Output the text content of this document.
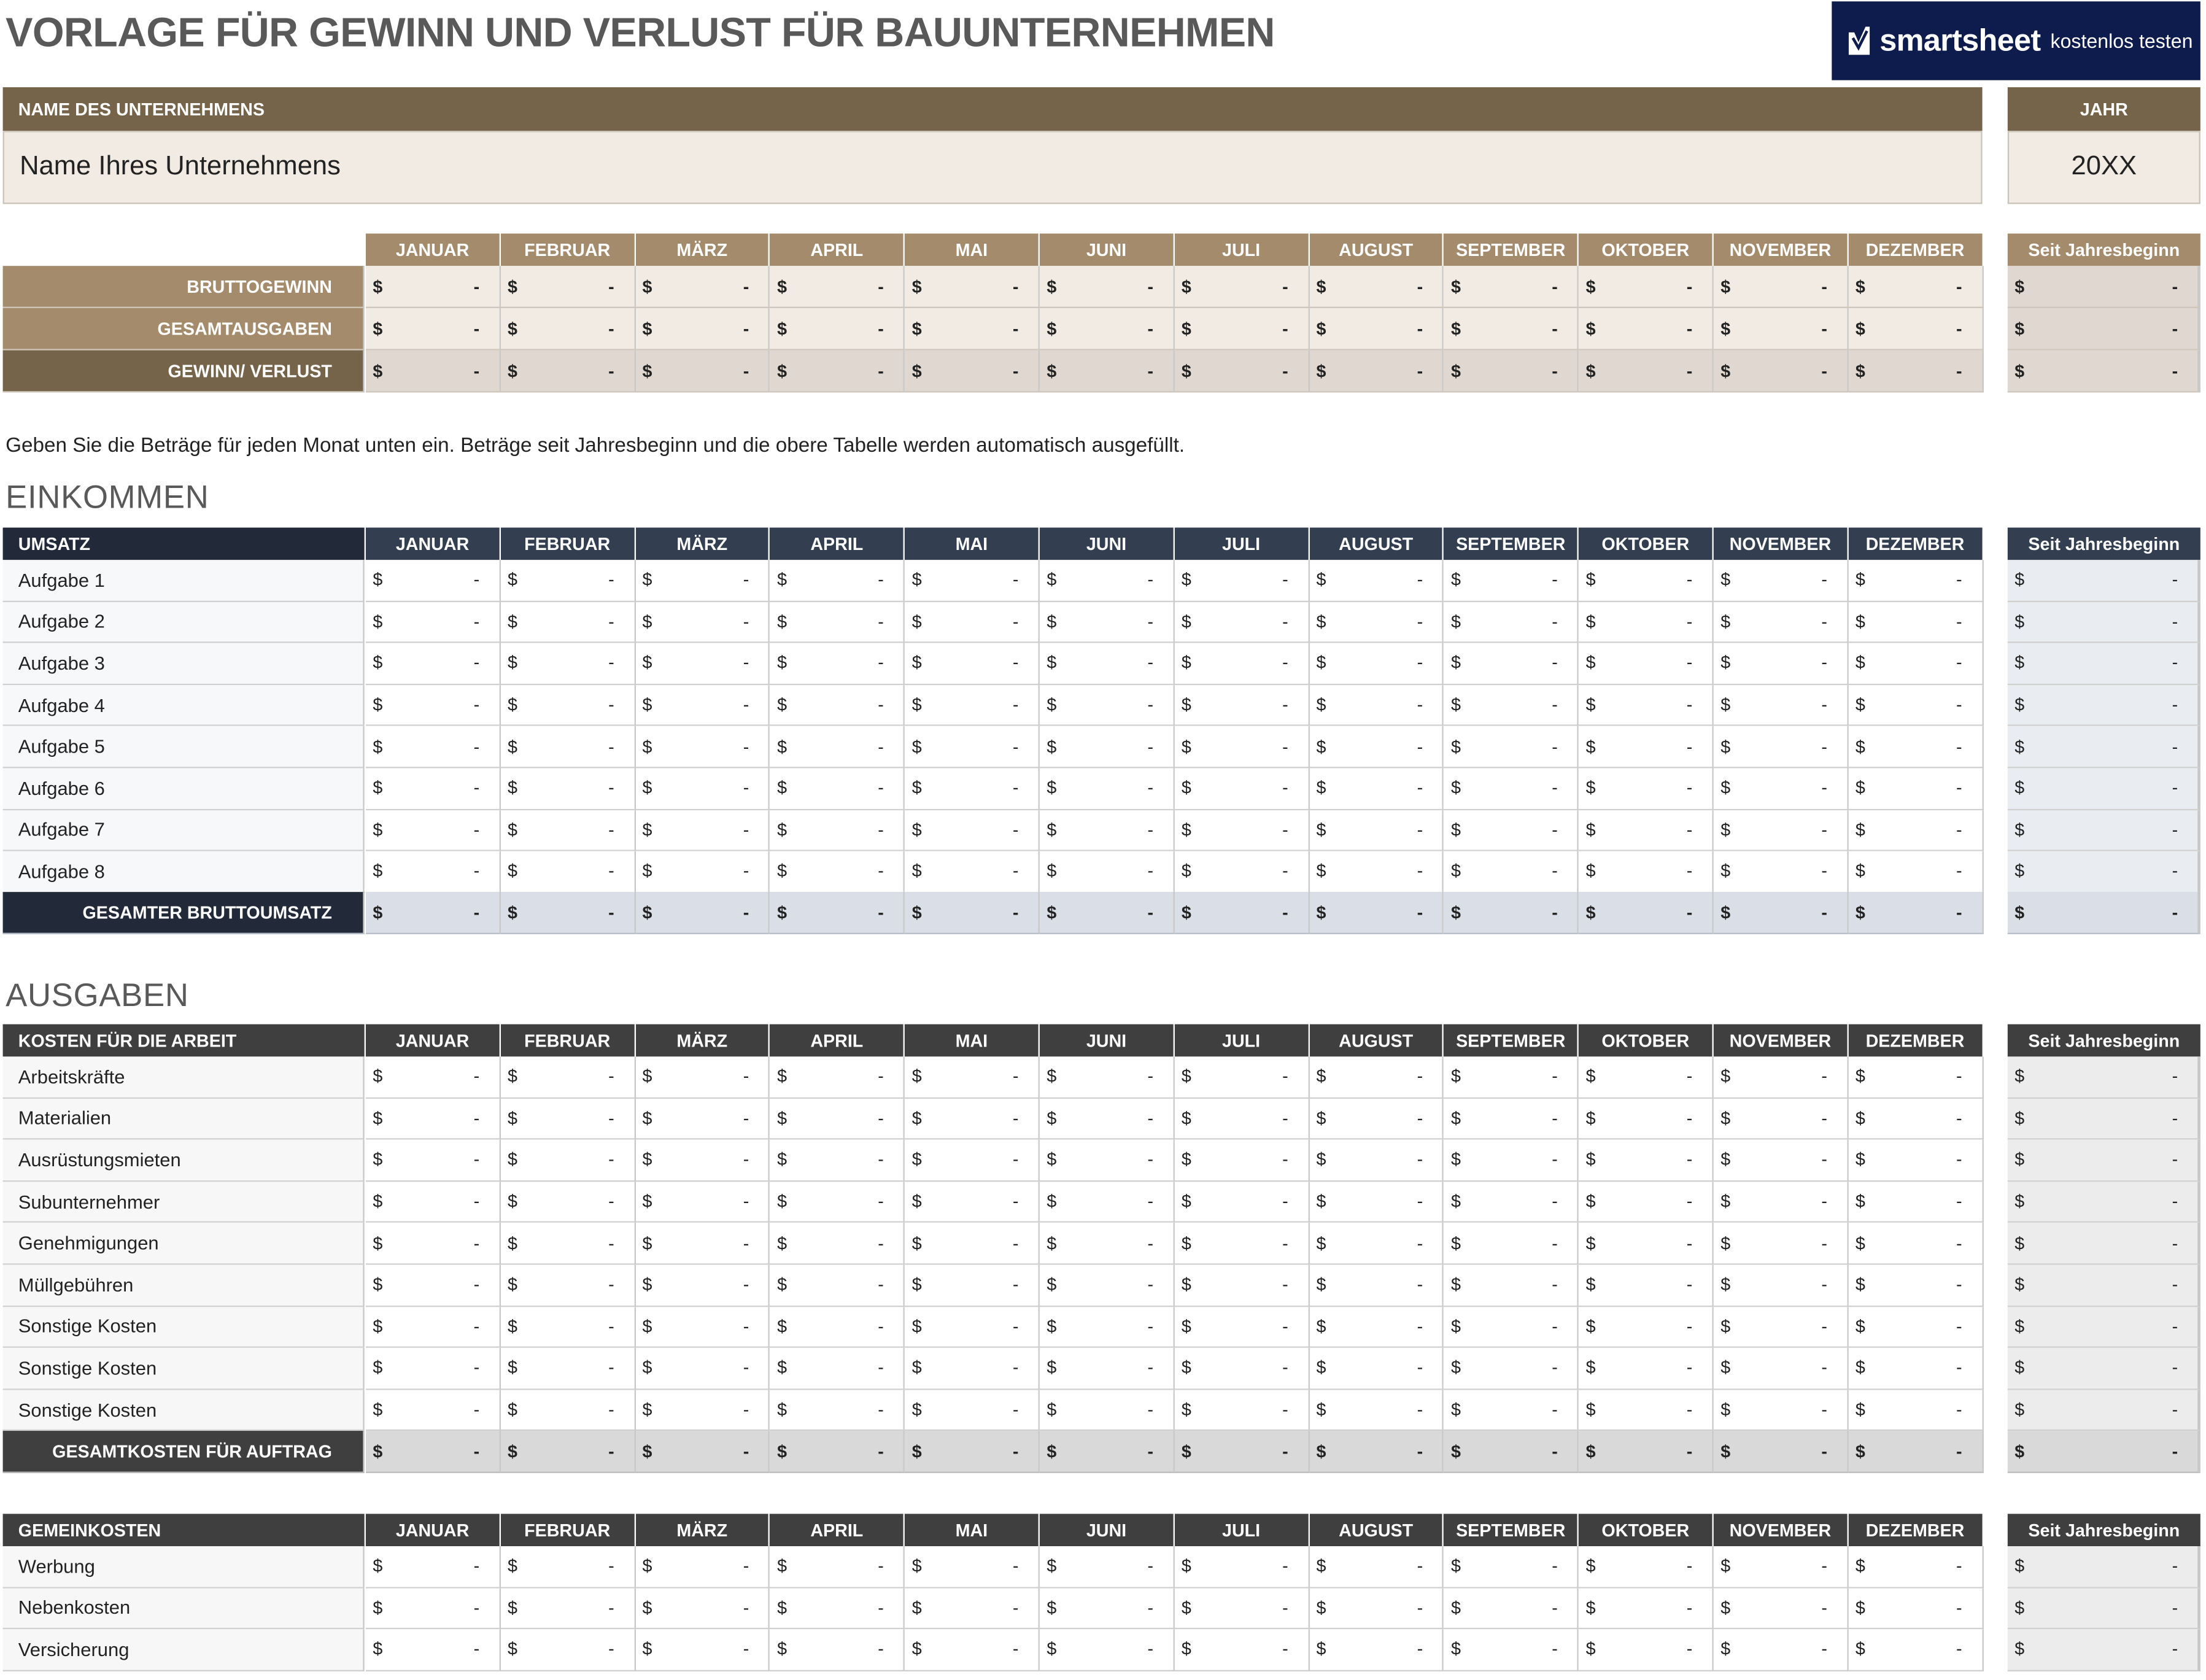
VORLAGE FÜR GEWINN UND VERLUST FÜR BAUUNTERNEHMEN	smartsheet kostenlos testen
NAME DES UNTERNEHMENS
Name Ihres Unternehmens
JAHR
20XX
JANUAR	FEBRUAR	MÄRZ	APRIL	MAI	JUNI	JULI	AUGUST	SEPTEMBER	OKTOBER	NOVEMBER	DEZEMBER	Seit Jahresbeginn
BRUTTOGEWINN	$	-	$	-	$	-	$	-	$	-	$	-	$	-	$	-	$	-	$	-	$	-	$	-	$	-
GESAMTAUSGABEN	$	-	$	-	$	-	$	-	$	-	$	-	$	-	$	-	$	-	$	-	$	-	$	-	$	-
GEWINN/ VERLUST	$	-	$	-	$	-	$	-	$	-	$	-	$	-	$	-	$	-	$	-	$	-	$	-	$	-
UMSATZ	JANUAR	FEBRUAR	MÄRZ	APRIL	MAI	JUNI	JULI	AUGUST	SEPTEMBER	OKTOBER	NOVEMBER	DEZEMBER	Seit Jahresbeginn
Aufgabe 1	$	-	$	-	$	-	$	-	$	-	$	-	$	-	$	-	$	-	$	-	$	-	$	-	$	-
Aufgabe 2	$	-	$	-	$	-	$	-	$	-	$	-	$	-	$	-	$	-	$	-	$	-	$	-	$	-
Aufgabe 3	$	-	$	-	$	-	$	-	$	-	$	-	$	-	$	-	$	-	$	-	$	-	$	-	$	-
Aufgabe 4	$	-	$	-	$	-	$	-	$	-	$	-	$	-	$	-	$	-	$	-	$	-	$	-	$	-
Aufgabe 5	$	-	$	-	$	-	$	-	$	-	$	-	$	-	$	-	$	-	$	-	$	-	$	-	$	-
Aufgabe 6	$	-	$	-	$	-	$	-	$	-	$	-	$	-	$	-	$	-	$	-	$	-	$	-	$	-
Aufgabe 7	$	-	$	-	$	-	$	-	$	-	$	-	$	-	$	-	$	-	$	-	$	-	$	-	$	-
Aufgabe 8	$	-	$	-	$	-	$	-	$	-	$	-	$	-	$	-	$	-	$	-	$	-	$	-	$	-
GESAMTER BRUTTOUMSATZ	$	-	$	-	$	-	$	-	$	-	$	-	$	-	$	-	$	-	$	-	$	-	$	-	$	-
KOSTEN FÜR DIE ARBEIT	JANUAR	FEBRUAR	MÄRZ	APRIL	MAI	JUNI	JULI	AUGUST	SEPTEMBER	OKTOBER	NOVEMBER	DEZEMBER	Seit Jahresbeginn
Arbeitskräfte	$	-	$	-	$	-	$	-	$	-	$	-	$	-	$	-	$	-	$	-	$	-	$	-	$	-
Materialien	$	-	$	-	$	-	$	-	$	-	$	-	$	-	$	-	$	-	$	-	$	-	$	-	$	-
Ausrüstungsmieten	$	-	$	-	$	-	$	-	$	-	$	-	$	-	$	-	$	-	$	-	$	-	$	-	$	-
Subunternehmer	$	-	$	-	$	-	$	-	$	-	$	-	$	-	$	-	$	-	$	-	$	-	$	-	$	-
Genehmigungen	$	-	$	-	$	-	$	-	$	-	$	-	$	-	$	-	$	-	$	-	$	-	$	-	$	-
Müllgebühren	$	-	$	-	$	-	$	-	$	-	$	-	$	-	$	-	$	-	$	-	$	-	$	-	$	-
Sonstige Kosten	$	-	$	-	$	-	$	-	$	-	$	-	$	-	$	-	$	-	$	-	$	-	$	-	$	-
Sonstige Kosten	$	-	$	-	$	-	$	-	$	-	$	-	$	-	$	-	$	-	$	-	$	-	$	-	$	-
Sonstige Kosten	$	-	$	-	$	-	$	-	$	-	$	-	$	-	$	-	$	-	$	-	$	-	$	-	$	-
GESAMTKOSTEN FÜR AUFTRAG	$	-	$	-	$	-	$	-	$	-	$	-	$	-	$	-	$	-	$	-	$	-	$	-	$	-
GEMEINKOSTEN	JANUAR	FEBRUAR	MÄRZ	APRIL	MAI	JUNI	JULI	AUGUST	SEPTEMBER	OKTOBER	NOVEMBER	DEZEMBER	Seit Jahresbeginn
Werbung	$	-	$	-	$	-	$	-	$	-	$	-	$	-	$	-	$	-	$	-	$	-	$	-	$	-
Nebenkosten	$	-	$	-	$	-	$	-	$	-	$	-	$	-	$	-	$	-	$	-	$	-	$	-	$	-
Versicherung	$	-	$	-	$	-	$	-	$	-	$	-	$	-	$	-	$	-	$	-	$	-	$	-	$	-
Geben Sie die Beträge für jeden Monat unten ein. Beträge seit Jahresbeginn und die obere Tabelle werden automatisch ausgefüllt.
EINKOMMEN
AUSGABEN
